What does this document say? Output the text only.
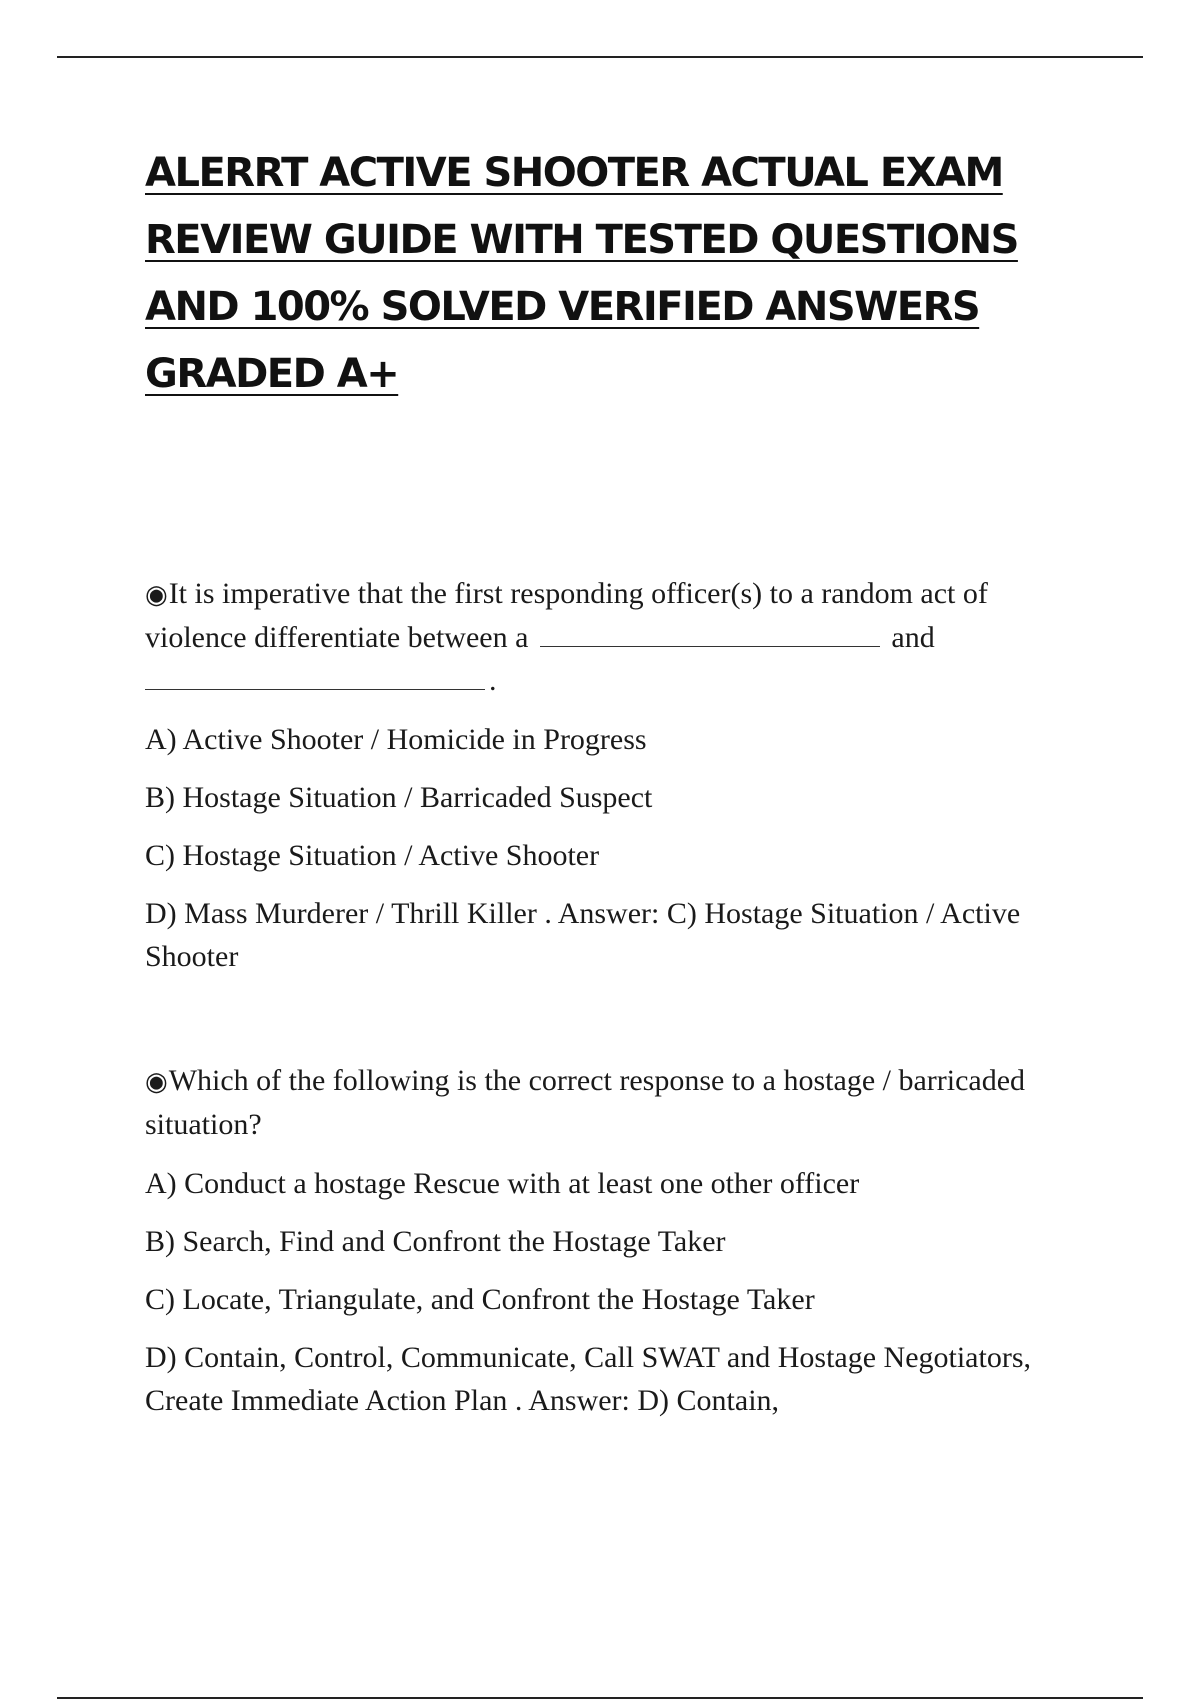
ALERRT ACTIVE SHOOTER ACTUAL EXAM REVIEW GUIDE WITH TESTED QUESTIONS AND 100% SOLVED VERIFIED ANSWERS GRADED A+

◉It is imperative that the first responding officer(s) to a random act of violence differentiate between a	and
.

A) Active Shooter / Homicide in Progress
B) Hostage Situation / Barricaded Suspect
C) Hostage Situation / Active Shooter
D) Mass Murderer / Thrill Killer . Answer: C) Hostage Situation / Active Shooter

◉Which of the following is the correct response to a hostage / barricaded situation?

A) Conduct a hostage Rescue with at least one other officer
B) Search, Find and Confront the Hostage Taker
C) Locate, Triangulate, and Confront the Hostage Taker
D) Contain, Control, Communicate, Call SWAT and Hostage Negotiators, Create Immediate Action Plan . Answer: D) Contain,
